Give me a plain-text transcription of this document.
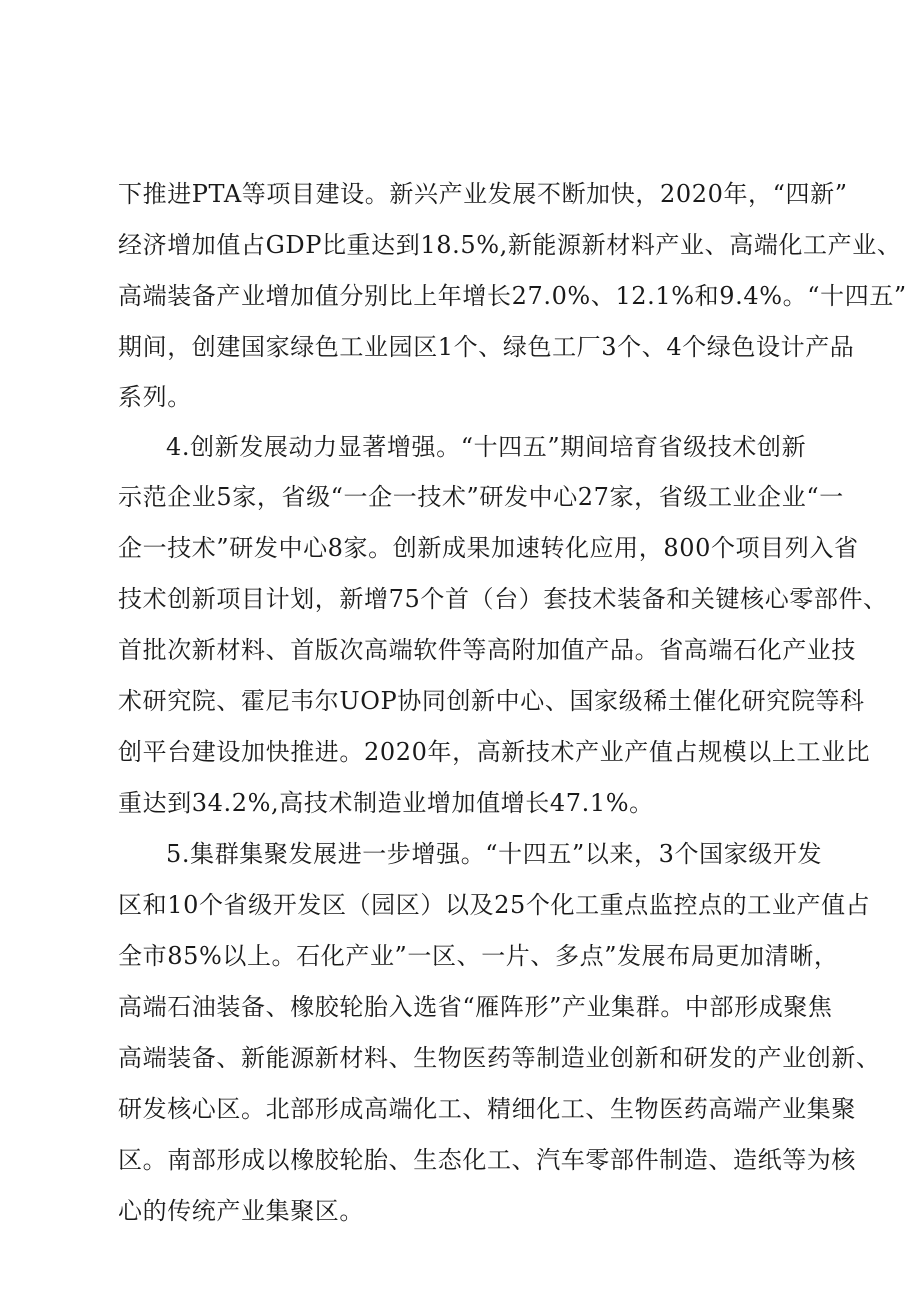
下推进PTA等项目建设。新兴产业发展不断加快，2020年，“四新”
经济增加值占GDP比重达到18.5%,新能源新材料产业、高端化工产业、
高端装备产业增加值分别比上年增长27.0%、12.1%和9.4%。“十四五”
期间，创建国家绿色工业园区1个、绿色工厂3个、4个绿色设计产品
系列。
4.创新发展动力显著增强。“十四五”期间培育省级技术创新
示范企业5家，省级“一企一技术”研发中心27家，省级工业企业“一
企一技术”研发中心8家。创新成果加速转化应用，800个项目列入省
技术创新项目计划，新增75个首（台）套技术装备和关键核心零部件、
首批次新材料、首版次高端软件等高附加值产品。省高端石化产业技
术研究院、霍尼韦尔UOP协同创新中心、国家级稀土催化研究院等科
创平台建设加快推进。2020年，高新技术产业产值占规模以上工业比
重达到34.2%,高技术制造业增加值增长47.1%。
5.集群集聚发展进一步增强。“十四五”以来，3个国家级开发
区和10个省级开发区（园区）以及25个化工重点监控点的工业产值占
全市85%以上。石化产业”一区、一片、多点”发展布局更加清晰，
高端石油装备、橡胶轮胎入选省“雁阵形”产业集群。中部形成聚焦
高端装备、新能源新材料、生物医药等制造业创新和研发的产业创新、
研发核心区。北部形成高端化工、精细化工、生物医药高端产业集聚
区。南部形成以橡胶轮胎、生态化工、汽车零部件制造、造纸等为核
心的传统产业集聚区。
